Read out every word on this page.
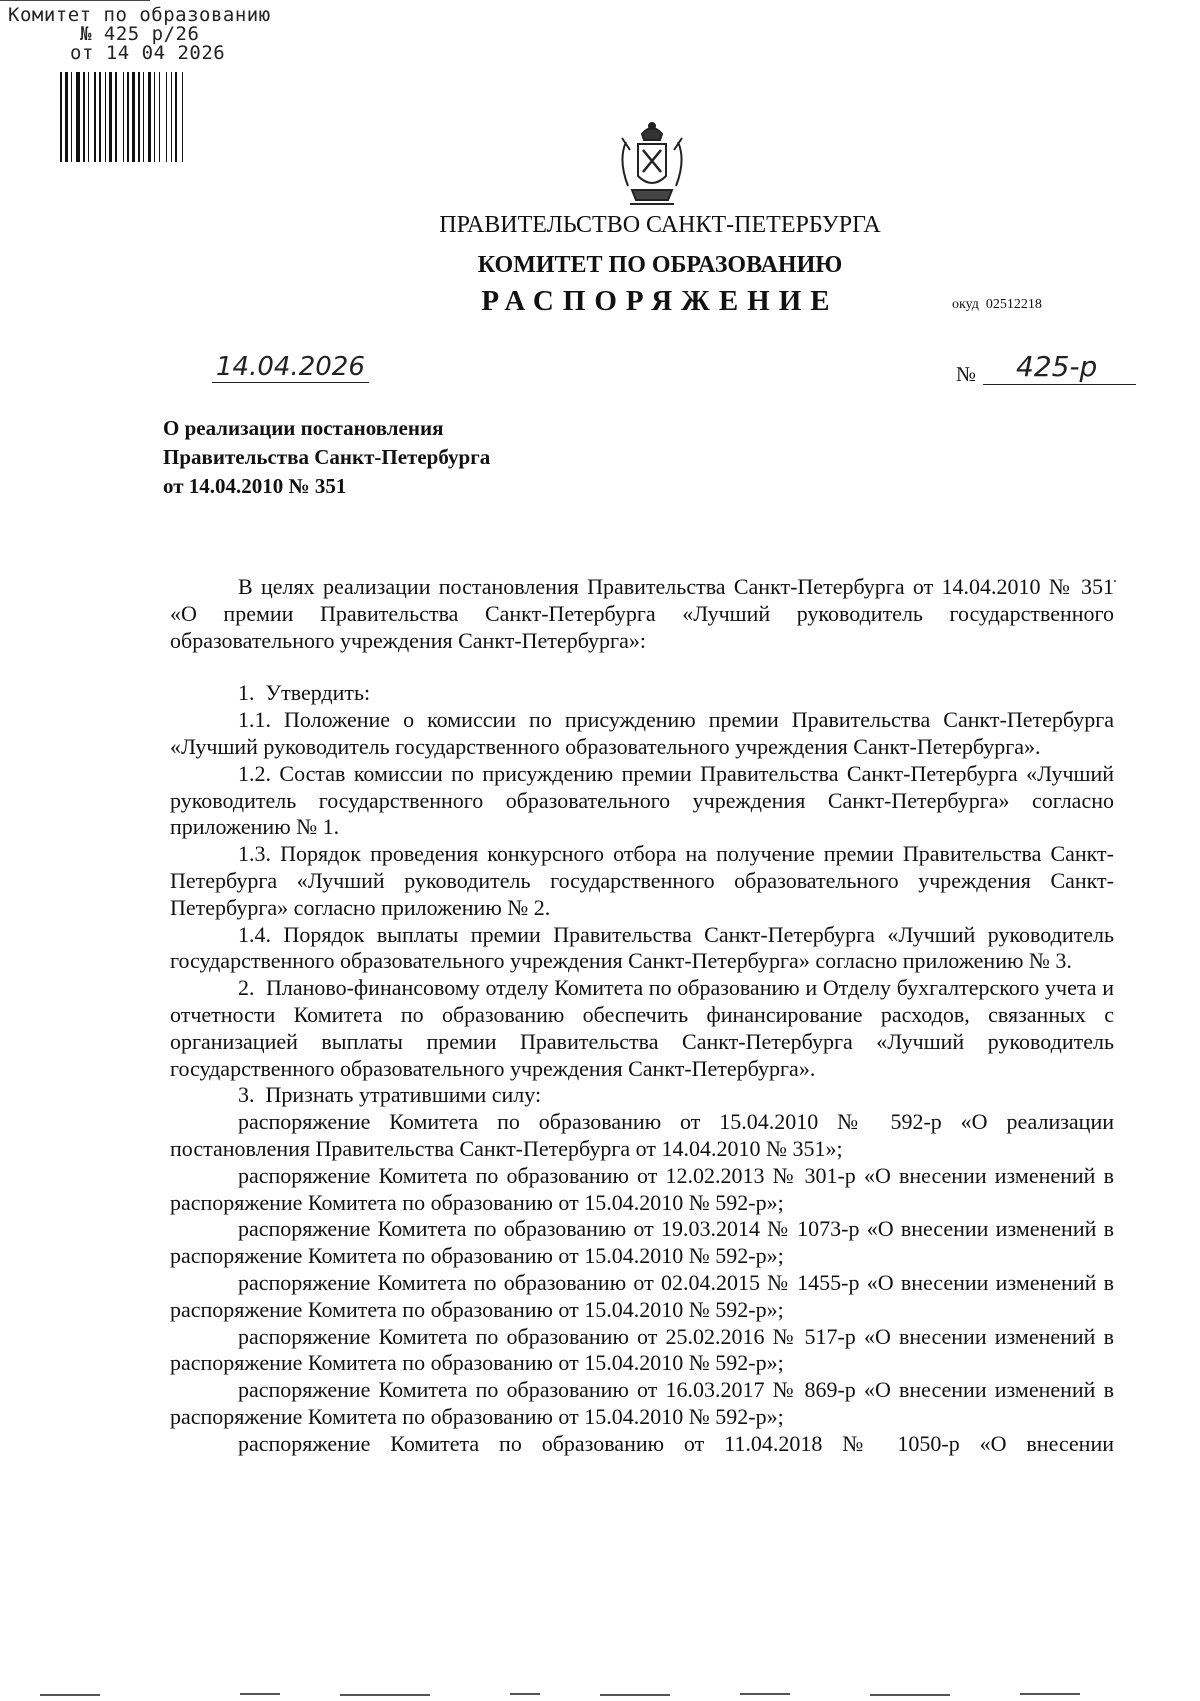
Комитет по образованию
№ 425 р/26
от 14 04 2026
ПРАВИТЕЛЬСТВО САНКТ-ПЕТЕРБУРГА
КОМИТЕТ ПО ОБРАЗОВАНИЮ
РАСПОРЯЖЕНИЕ	окуд 02512218
14.04.2026	№ 425-р
О реализации постановления
Правительства Санкт-Петербурга
от 14.04.2010 № 351

В целях реализации постановления Правительства Санкт-Петербурга от 14.04.2010 № 351 «О премии Правительства Санкт-Петербурга «Лучший руководитель государственного образовательного учреждения Санкт-Петербурга»:

1.  Утвердить:

1.1. Положение о комиссии по присуждению премии Правительства Санкт-Петербурга «Лучший руководитель государственного образовательного учреждения Санкт-Петербурга».

1.2. Состав комиссии по присуждению премии Правительства Санкт-Петербурга «Лучший руководитель государственного образовательного учреждения Санкт-Петербурга» согласно приложению № 1.

1.3. Порядок проведения конкурсного отбора на получение премии Правительства Санкт-Петербурга «Лучший руководитель государственного образовательного учреждения Санкт-Петербурга» согласно приложению № 2.

1.4. Порядок выплаты премии Правительства Санкт-Петербурга «Лучший руководитель государственного образовательного учреждения Санкт-Петербурга» согласно приложению № 3.

2.  Планово-финансовому отделу Комитета по образованию и Отделу бухгалтерского учета и отчетности Комитета по образованию обеспечить финансирование расходов, связанных с организацией выплаты премии Правительства Санкт-Петербурга «Лучший руководитель государственного образовательного учреждения Санкт-Петербурга».

3.  Признать утратившими силу:

распоряжение Комитета по образованию от 15.04.2010 № 592-р «О реализации постановления Правительства Санкт-Петербурга от 14.04.2010 № 351»;

распоряжение Комитета по образованию от 12.02.2013 № 301-р «О внесении изменений в распоряжение Комитета по образованию от 15.04.2010 № 592-р»;

распоряжение Комитета по образованию от 19.03.2014 № 1073-р «О внесении изменений в распоряжение Комитета по образованию от 15.04.2010 № 592-р»;

распоряжение Комитета по образованию от 02.04.2015 № 1455-р «О внесении изменений в распоряжение Комитета по образованию от 15.04.2010 № 592-р»;

распоряжение Комитета по образованию от 25.02.2016 № 517-р «О внесении изменений в распоряжение Комитета по образованию от 15.04.2010 № 592-р»;

распоряжение Комитета по образованию от 16.03.2017 № 869-р «О внесении изменений в распоряжение Комитета по образованию от 15.04.2010 № 592-р»;

распоряжение Комитета по образованию от 11.04.2018 № 1050-р «О внесении
